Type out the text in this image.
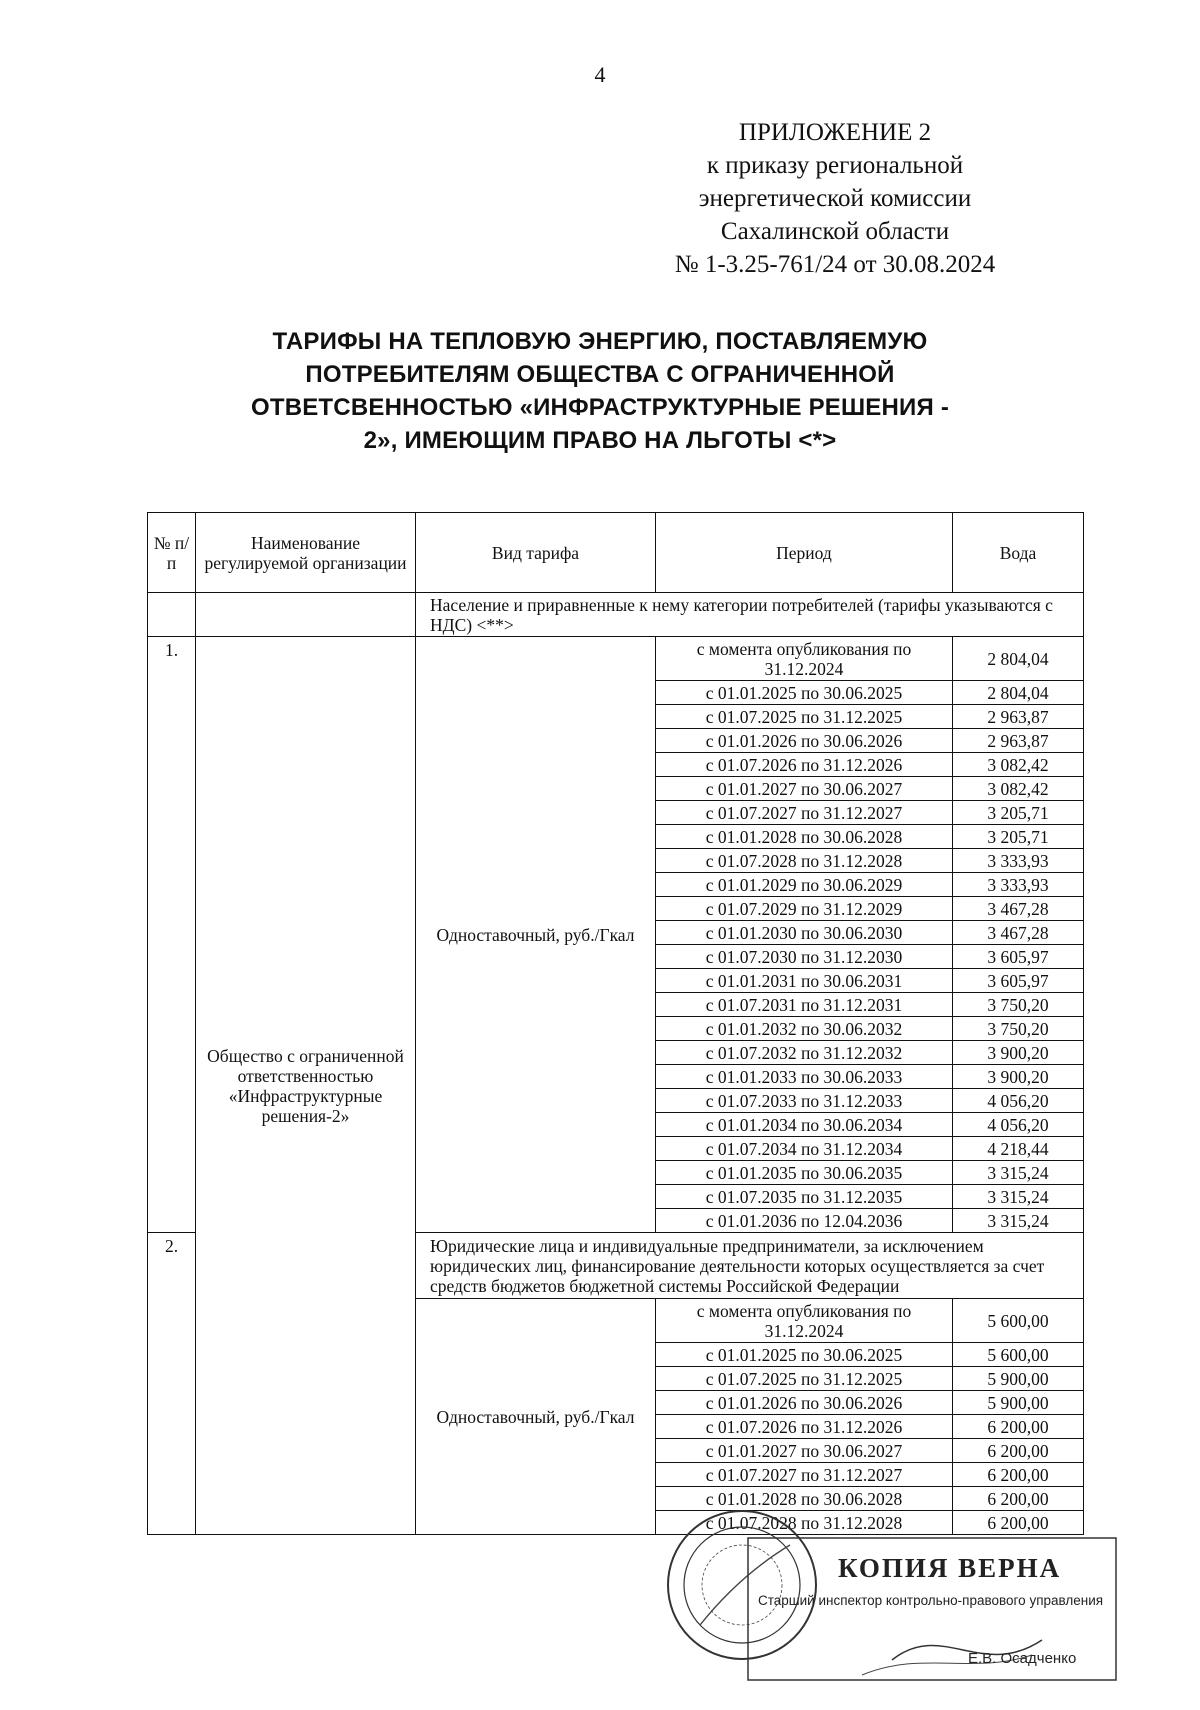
4
ПРИЛОЖЕНИЕ 2
к приказу региональной
энергетической комиссии
Сахалинской области
№ 1-3.25-761/24 от 30.08.2024
ТАРИФЫ НА ТЕПЛОВУЮ ЭНЕРГИЮ, ПОСТАВЛЯЕМУЮ
ПОТРЕБИТЕЛЯМ ОБЩЕСТВА С ОГРАНИЧЕННОЙ
ОТВЕТСВЕННОСТЬЮ «ИНФРАСТРУКТУРНЫЕ РЕШЕНИЯ -
2», ИМЕЮЩИМ ПРАВО НА ЛЬГОТЫ <*>
№ п/п	Наименование регулируемой организации	Вид тарифа	Период	Вода
		Население и приравненные к нему категории потребителей (тарифы указываются с НДС) <**>		
1.	Общество с ограниченной ответственностью «Инфраструктурные решения-2»	Одноставочный, руб./Гкал	с момента опубликования по 31.12.2024	2 804,04
			с 01.01.2025 по 30.06.2025	2 804,04
			с 01.07.2025 по 31.12.2025	2 963,87
			с 01.01.2026 по 30.06.2026	2 963,87
			с 01.07.2026 по 31.12.2026	3 082,42
			с 01.01.2027 по 30.06.2027	3 082,42
			с 01.07.2027 по 31.12.2027	3 205,71
			с 01.01.2028 по 30.06.2028	3 205,71
			с 01.07.2028 по 31.12.2028	3 333,93
			с 01.01.2029 по 30.06.2029	3 333,93
			с 01.07.2029 по 31.12.2029	3 467,28
			с 01.01.2030 по 30.06.2030	3 467,28
			с 01.07.2030 по 31.12.2030	3 605,97
			с 01.01.2031 по 30.06.2031	3 605,97
			с 01.07.2031 по 31.12.2031	3 750,20
			с 01.01.2032 по 30.06.2032	3 750,20
			с 01.07.2032 по 31.12.2032	3 900,20
			с 01.01.2033 по 30.06.2033	3 900,20
			с 01.07.2033 по 31.12.2033	4 056,20
			с 01.01.2034 по 30.06.2034	4 056,20
			с 01.07.2034 по 31.12.2034	4 218,44
			с 01.01.2035 по 30.06.2035	3 315,24
			с 01.07.2035 по 31.12.2035	3 315,24
			с 01.01.2036 по 12.04.2036	3 315,24
2.		Юридические лица и индивидуальные предприниматели, за исключением юридических лиц, финансирование деятельности которых осуществляется за счет средств бюджетов бюджетной системы Российской Федерации		
		Одноставочный, руб./Гкал	с момента опубликования по 31.12.2024	5 600,00
			с 01.01.2025 по 30.06.2025	5 600,00
			с 01.07.2025 по 31.12.2025	5 900,00
			с 01.01.2026 по 30.06.2026	5 900,00
			с 01.07.2026 по 31.12.2026	6 200,00
			с 01.01.2027 по 30.06.2027	6 200,00
			с 01.07.2027 по 31.12.2027	6 200,00
			с 01.01.2028 по 30.06.2028	6 200,00
			с 01.07.2028 по 31.12.2028	6 200,00
КОПИЯ ВЕРНА
Старший инспектор контрольно-правового управления
Е.В. Осадченко
